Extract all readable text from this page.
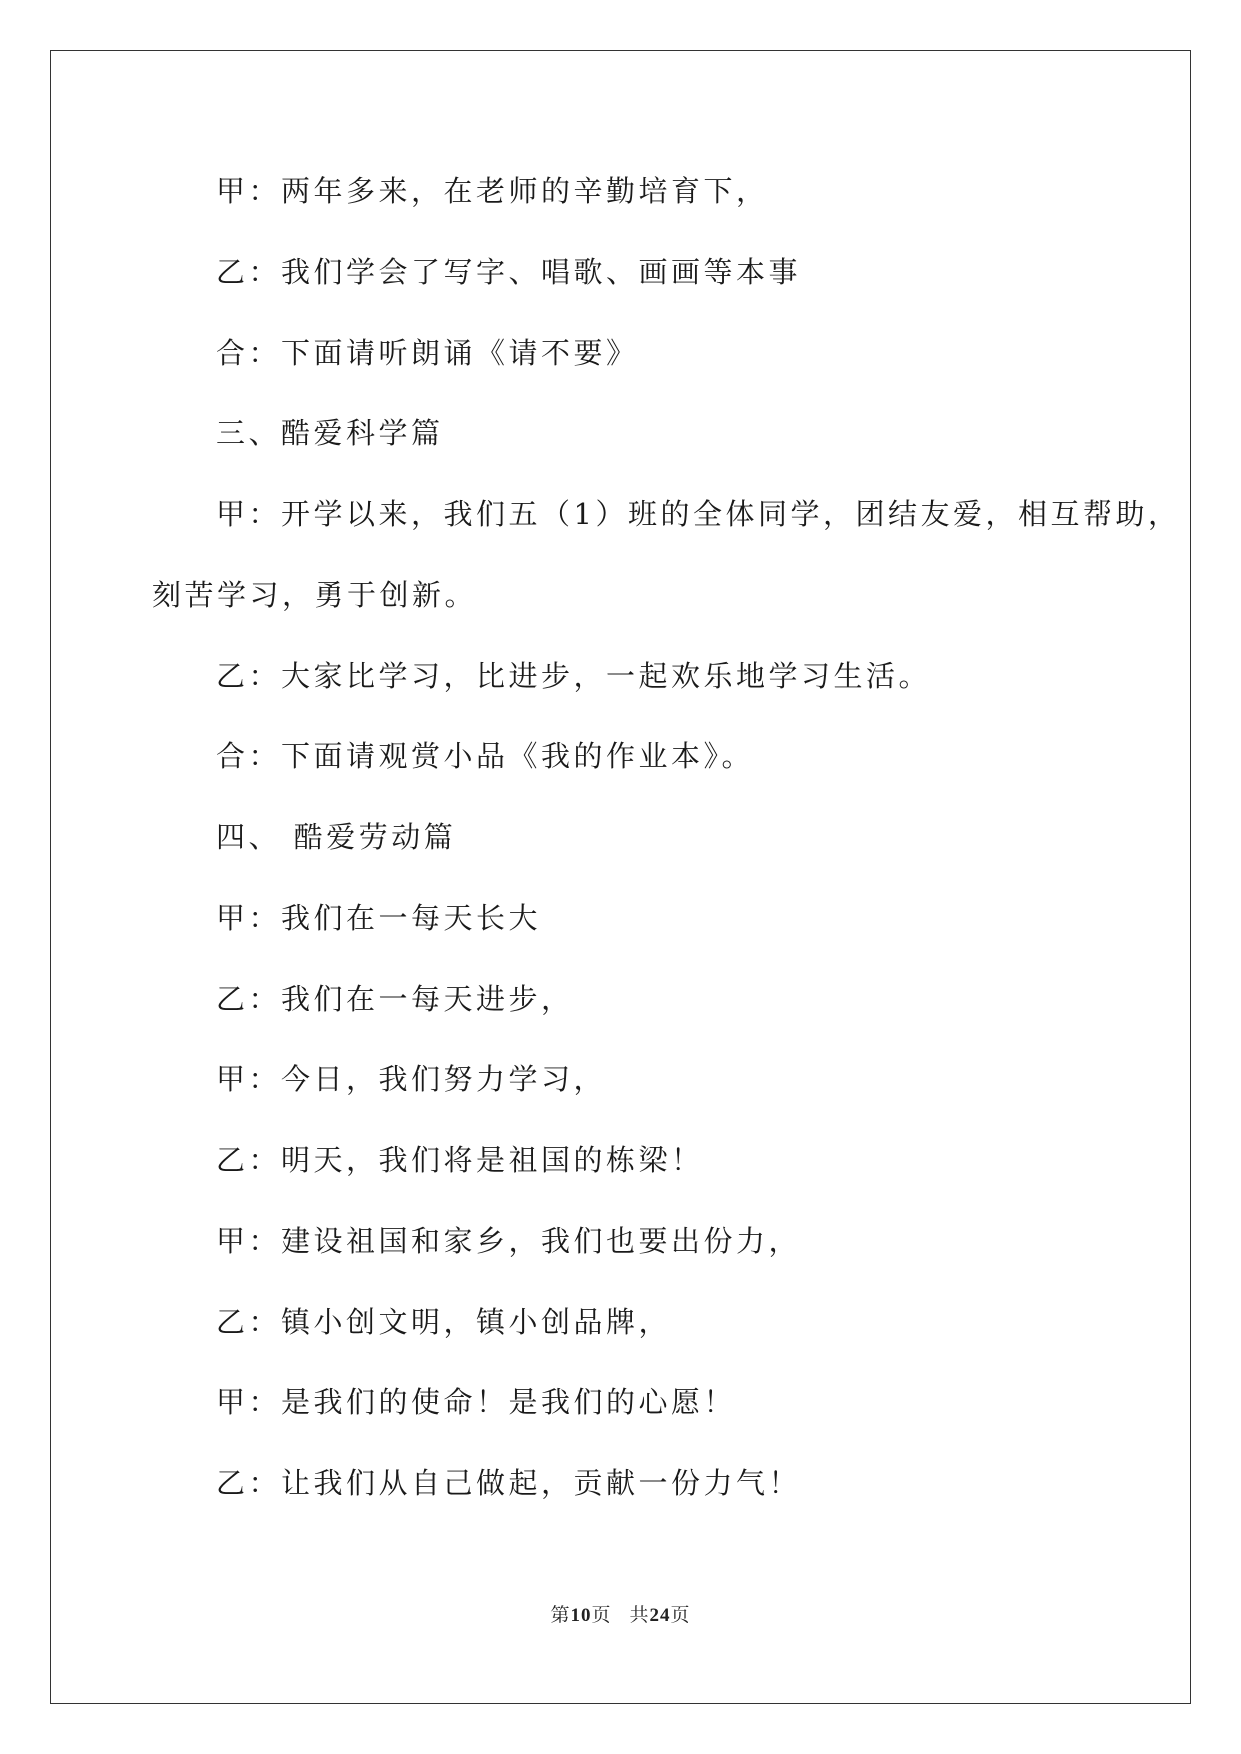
甲：两年多来，在老师的辛勤培育下，
乙：我们学会了写字、唱歌、画画等本事
合：下面请听朗诵《请不要》
三、酷爱科学篇
甲：开学以来，我们五（1）班的全体同学，团结友爱，相互帮助，
刻苦学习，勇于创新。
乙：大家比学习，比进步，一起欢乐地学习生活。
合：下面请观赏小品《我的作业本》。
四、 酷爱劳动篇
甲：我们在一每天长大
乙：我们在一每天进步，
甲：今日，我们努力学习，
乙：明天，我们将是祖国的栋梁！
甲：建设祖国和家乡，我们也要出份力，
乙：镇小创文明，镇小创品牌，
甲：是我们的使命！是我们的心愿！
乙：让我们从自己做起，贡献一份力气！
第10页 共24页
